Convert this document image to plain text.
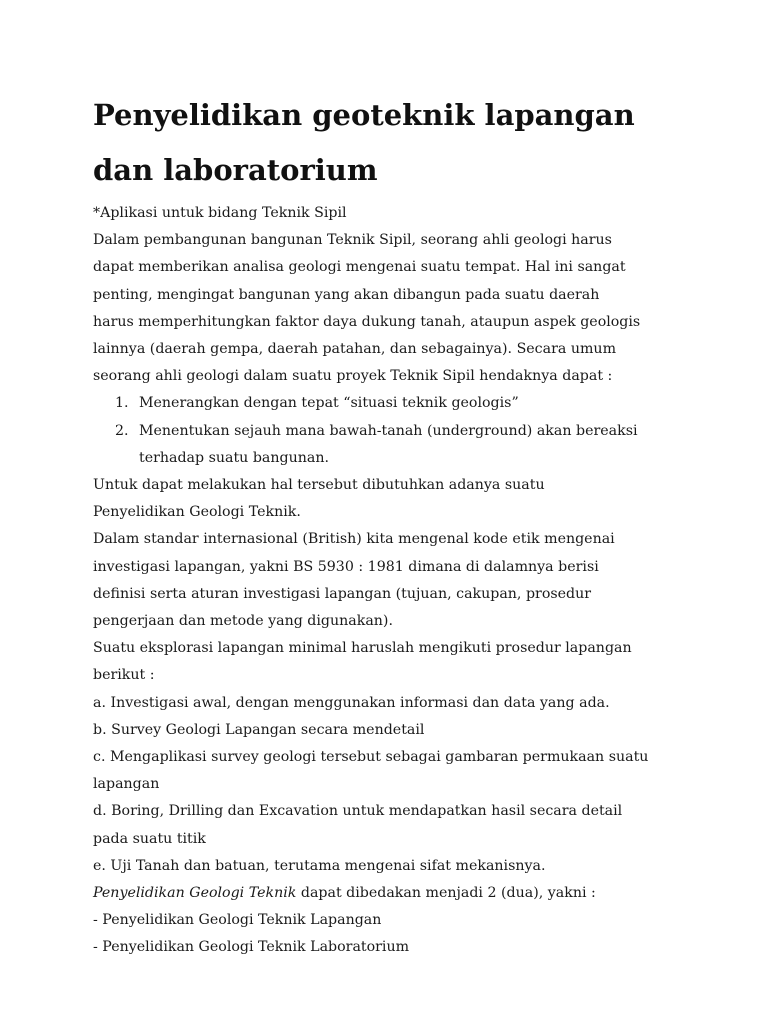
Penyelidikan geoteknik lapangan
dan laboratorium
*Aplikasi untuk bidang Teknik Sipil
Dalam pembangunan bangunan Teknik Sipil, seorang ahli geologi harus
dapat memberikan analisa geologi mengenai suatu tempat. Hal ini sangat
penting, mengingat bangunan yang akan dibangun pada suatu daerah
harus memperhitungkan faktor daya dukung tanah, ataupun aspek geologis
lainnya (daerah gempa, daerah patahan, dan sebagainya). Secara umum
seorang ahli geologi dalam suatu proyek Teknik Sipil hendaknya dapat :
1. Menerangkan dengan tepat “situasi teknik geologis”
2. Menentukan sejauh mana bawah-tanah (underground) akan bereaksi
terhadap suatu bangunan.
Untuk dapat melakukan hal tersebut dibutuhkan adanya suatu
Penyelidikan Geologi Teknik.
Dalam standar internasional (British) kita mengenal kode etik mengenai
investigasi lapangan, yakni BS 5930 : 1981 dimana di dalamnya berisi
definisi serta aturan investigasi lapangan (tujuan, cakupan, prosedur
pengerjaan dan metode yang digunakan).
Suatu eksplorasi lapangan minimal haruslah mengikuti prosedur lapangan
berikut :
a. Investigasi awal, dengan menggunakan informasi dan data yang ada.
b. Survey Geologi Lapangan secara mendetail
c. Mengaplikasi survey geologi tersebut sebagai gambaran permukaan suatu
lapangan
d. Boring, Drilling dan Excavation untuk mendapatkan hasil secara detail
pada suatu titik
e. Uji Tanah dan batuan, terutama mengenai sifat mekanisnya.
Penyelidikan Geologi Teknik dapat dibedakan menjadi 2 (dua), yakni :
- Penyelidikan Geologi Teknik Lapangan
- Penyelidikan Geologi Teknik Laboratorium
